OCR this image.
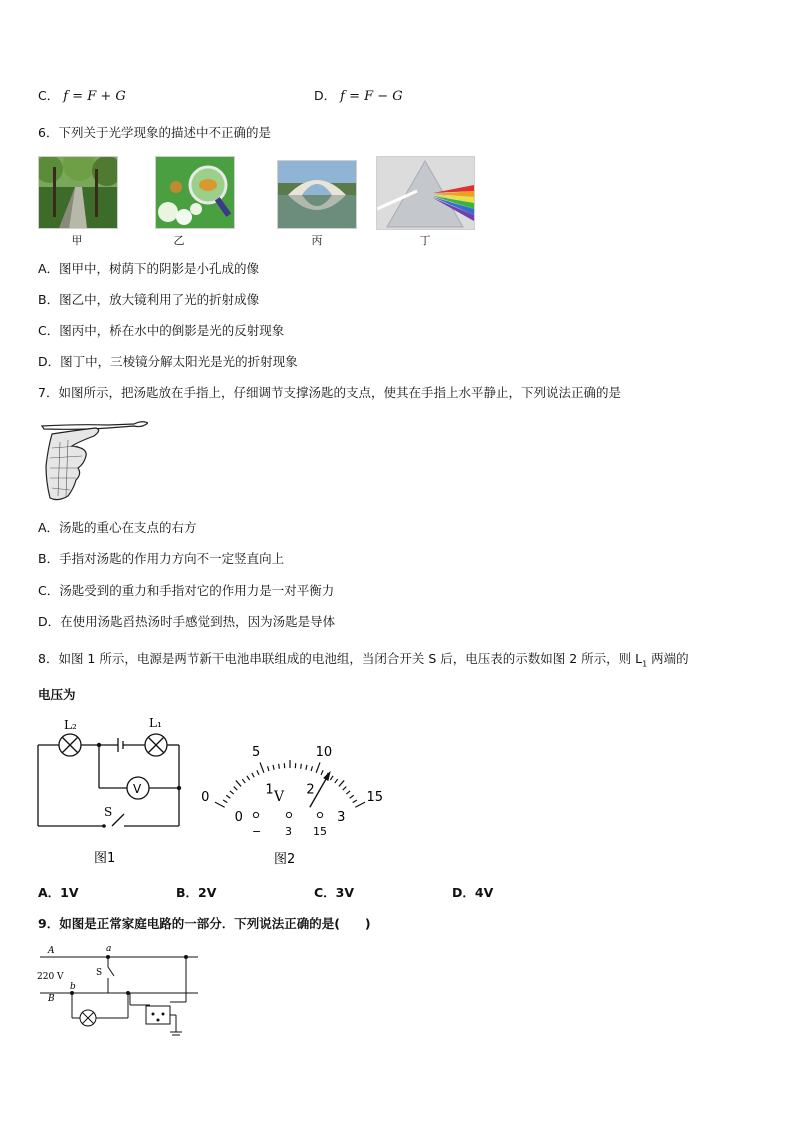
C． f = F + G	D． f = F − G
6．下列关于光学现象的描述中不正确的是
甲	乙	丙	丁
A．图甲中，树荫下的阴影是小孔成的像
B．图乙中，放大镜利用了光的折射成像
C．图丙中，桥在水中的倒影是光的反射现象
D．图丁中，三棱镜分解太阳光是光的折射现象
7．如图所示，把汤匙放在手指上，仔细调节支撑汤匙的支点，使其在手指上水平静止，下列说法正确的是
A．汤匙的重心在支点的右方
B．手指对汤匙的作用力方向不一定竖直向上
C．汤匙受到的重力和手指对它的作用力是一对平衡力
D．在使用汤匙舀热汤时手感觉到热，因为汤匙是导体
8．如图 1 所示，电源是两节新干电池串联组成的电池组，当闭合开关 S 后，电压表的示数如图 2 所示，则 $L_1$ 两端的
电压为
L₂	L₁
V
S
图1
0
5	10
15
0
1	2
3
V
− 3 15
图2
A．1V	B．2V	C．3V	D．4V
9．如图是正常家庭电路的一部分．下列说法正确的是(　　)
A
220 V
B
a
b
S
